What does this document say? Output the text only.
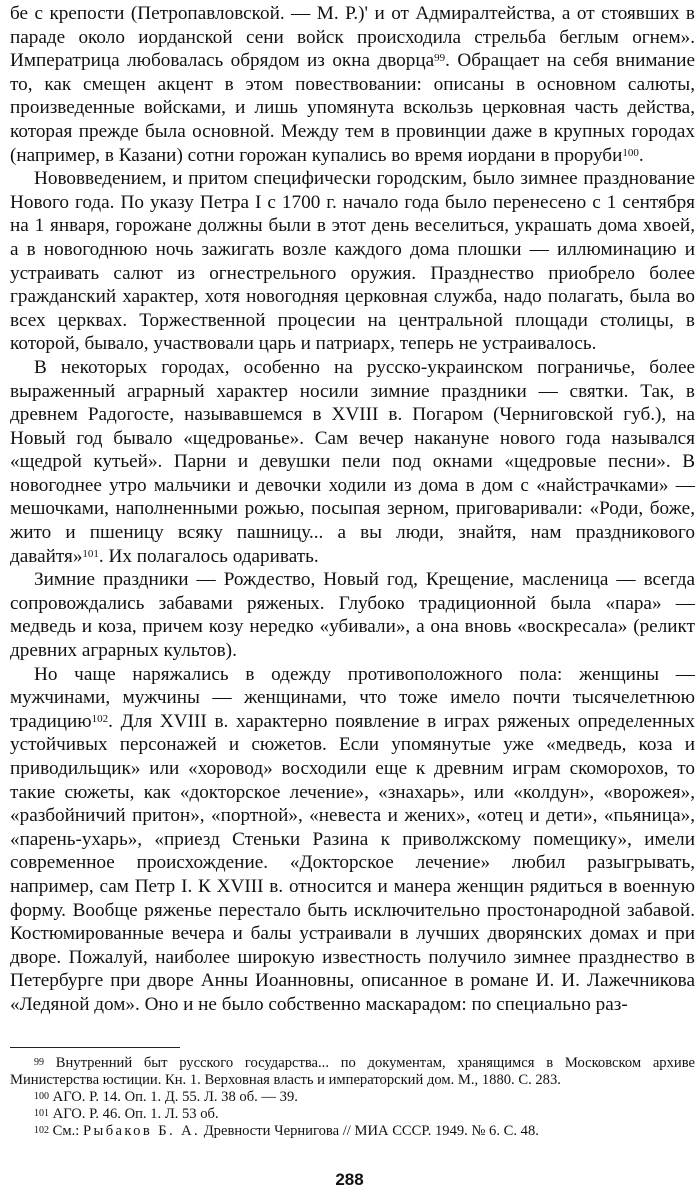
бе с крепости (Петропавловской. — М. Р.)' и от Адмиралтейства, а от стоявших в параде около иорданской сени войск происходила стрельба беглым огнем». Императрица любовалась обрядом из окна дворца$^{99}$. Обращает на себя внимание то, как смещен акцент в этом повествовании: описаны в основном салюты, произведенные войсками, и лишь упомянута вскользь церковная часть действа, которая прежде была основной. Между тем в провинции даже в крупных городах (например, в Казани) сотни горожан купались во время иордани в проруби$^{100}$.

Нововведением, и притом специфически городским, было зимнее празднование Нового года. По указу Петра I с 1700 г. начало года было перенесено с 1 сентября на 1 января, горожане должны были в этот день веселиться, украшать дома хвоей, а в новогоднюю ночь зажигать возле каждого дома плошки — иллюминацию и устраивать салют из огнестрельного оружия. Празднество приобрело более гражданский характер, хотя новогодняя церковная служба, надо полагать, была во всех церквах. Торжественной процесии на центральной площади столицы, в которой, бывало, участвовали царь и патриарх, теперь не устраивалось.

В некоторых городах, особенно на русско-украинском пограничье, более выраженный аграрный характер носили зимние праздники — святки. Так, в древнем Радогосте, называвшемся в XVIII в. Погаром (Черниговской губ.), на Новый год бывало «щедрованье». Сам вечер накануне нового года назывался «щедрой кутьей». Парни и девушки пели под окнами «щедровые песни». В новогоднее утро мальчики и девочки ходили из дома в дом с «найстрачками» — мешочками, наполненными рожью, посыпая зерном, приговаривали: «Роди, боже, жито и пшеницу всяку пашницу... а вы люди, знайтя, нам праздникового давайтя»$^{101}$. Их полагалось одаривать.

Зимние праздники — Рождество, Новый год, Крещение, масленица — всегда сопровождались забавами ряженых. Глубоко традиционной была «пара» — медведь и коза, причем козу нередко «убивали», а она вновь «воскресала» (реликт древних аграрных культов).

Но чаще наряжались в одежду противоположного пола: женщины — мужчинами, мужчины — женщинами, что тоже имело почти тысячелетнюю традицию$^{102}$. Для XVIII в. характерно появление в играх ряженых определенных устойчивых персонажей и сюжетов. Если упомянутые уже «медведь, коза и приводильщик» или «хоровод» восходили еще к древним играм скоморохов, то такие сюжеты, как «докторское лечение», «знахарь», или «колдун», «ворожея», «разбойничий притон», «портной», «невеста и жених», «отец и дети», «пьяница», «парень-ухарь», «приезд Стеньки Разина к приволжскому помещику», имели современное происхождение. «Докторское лечение» любил разыгрывать, например, сам Петр I. К XVIII в. относится и манера женщин рядиться в военную форму. Вообще ряженье перестало быть исключительно простонародной забавой. Костюмированные вечера и балы устраивали в лучших дворянских домах и при дворе. Пожалуй, наиболее широкую известность получило зимнее празднество в Петербурге при дворе Анны Иоанновны, описанное в романе И. И. Лажечникова «Ледяной дом». Оно и не было собственно маскарадом: по специально раз-

$^{99}$ Внутренний быт русского государства... по документам, хранящимся в Московском архиве Министерства юстиции. Кн. 1. Верховная власть и императорский дом. М., 1880. С. 283.

$^{100}$ АГО. Р. 14. Оп. 1. Д. 55. Л. 38 об. — 39.

$^{101}$ АГО. Р. 46. Оп. 1. Л. 53 об.

$^{102}$ См.: Рыбаков Б. А. Древности Чернигова // МИА СССР. 1949. № 6. С. 48.

288
